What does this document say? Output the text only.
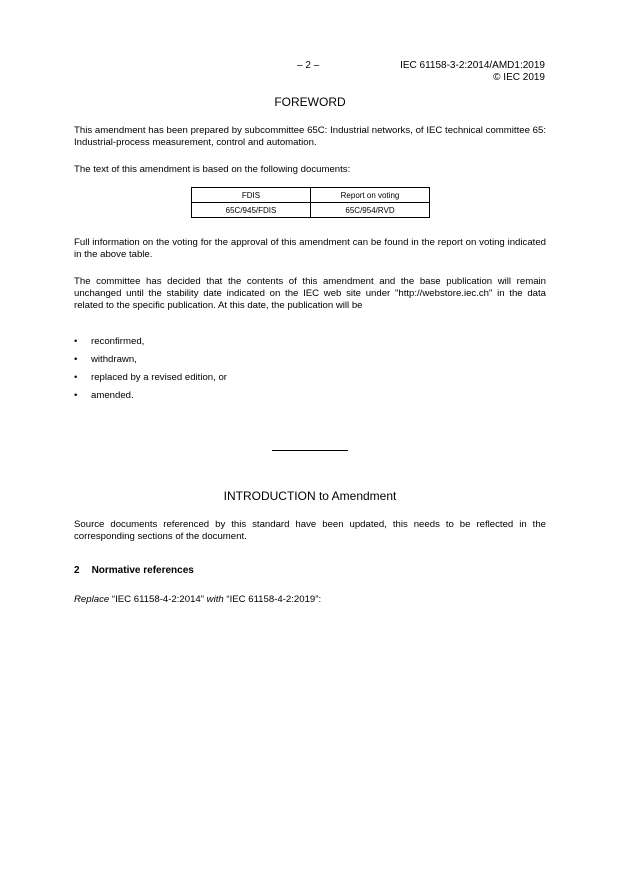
– 2 –	IEC 61158-3-2:2014/AMD1:2019
© IEC 2019
FOREWORD
This amendment has been prepared by subcommittee 65C: Industrial networks, of IEC technical committee 65: Industrial-process measurement, control and automation.
The text of this amendment is based on the following documents:
FDIS	Report on voting
65C/945/FDIS	65C/954/RVD
Full information on the voting for the approval of this amendment can be found in the report on voting indicated in the above table.
The committee has decided that the contents of this amendment and the base publication will remain unchanged until the stability date indicated on the IEC web site under "http://webstore.iec.ch" in the data related to the specific publication. At this date, the publication will be
• reconfirmed,
• withdrawn,
• replaced by a revised edition, or
• amended.
INTRODUCTION to Amendment
Source documents referenced by this standard have been updated, this needs to be reflected in the corresponding sections of the document.
2 Normative references
Replace “IEC 61158-4-2:2014” with “IEC 61158-4-2:2019”:
